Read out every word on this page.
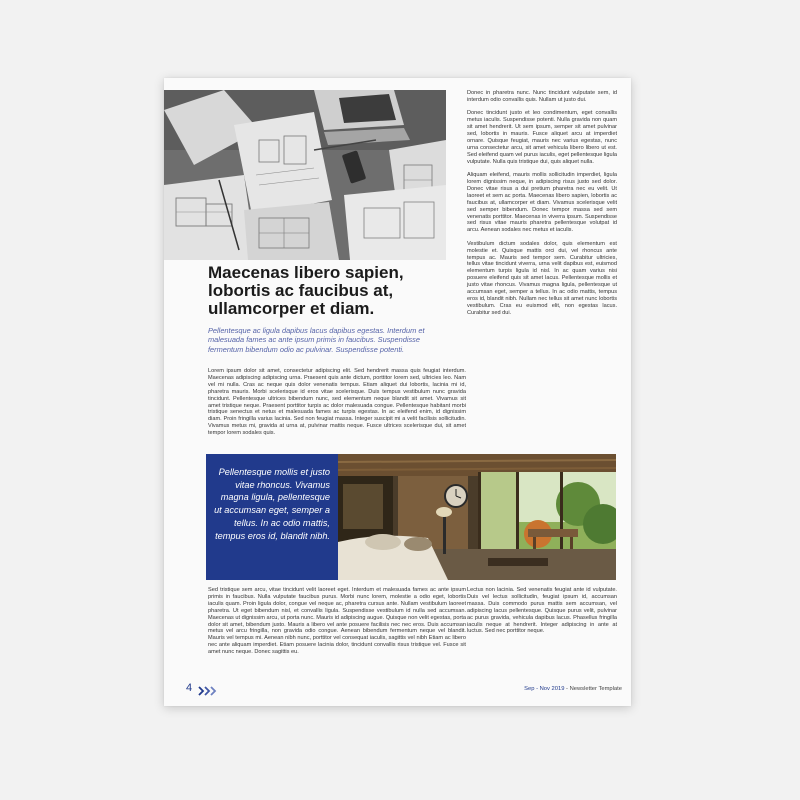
Maecenas libero sapien, lobortis ac faucibus at, ullamcorper et diam.

Pellentesque ac ligula dapibus lacus dapibus egestas. Interdum et malesuada fames ac ante ipsum primis in faucibus. Suspendisse fermentum bibendum odio ac pulvinar. Suspendisse potenti.

Lorem ipsum dolor sit amet, consectetur adipiscing elit. Sed hendrerit massa quis feugiat interdum. Maecenas adipiscing adipiscing urna. Praesent quis ante dictum, porttitor lorem sed, ultricies leo. Nam vel mi nulla. Cras ac neque quis dolor venenatis tempus. Etiam aliquet dui lobortis, lacinia mi id, pharetra mauris. Morbi scelerisque id eros vitae scelerisque. Duis tempus vestibulum nunc gravida tincidunt. Pellentesque ultrices bibendum nunc, sed elementum neque blandit sit amet. Vivamus sit amet tristique neque. Praesent porttitor turpis ac dolor malesuada congue. Pellentesque habitant morbi tristique senectus et netus et malesuada fames ac turpis egestas. In ac eleifend enim, id dignissim diam. Proin fringilla varius lacinia. Sed non feugiat massa. Integer suscipit mi a velit facilisis sollicitudin. Vivamus metus mi, gravida at urna at, pulvinar mattis neque. Fusce ultrices scelerisque dui, sit amet tempor lorem sodales quis.

Donec in pharetra nunc. Nunc tincidunt vulputate sem, id interdum odio convallis quis. Nullam ut justo dui.

Donec tincidunt justo et leo condimentum, eget convallis metus iaculis. Suspendisse potenti. Nulla gravida non quam sit amet hendrerit. Ut sem ipsum, semper sit amet pulvinar sed, lobortis in mauris. Fusce aliquet arcu at imperdiet ornare. Quisque feugiat, mauris nec varius egestas, nunc urna consectetur arcu, sit amet vehicula libero libero ut est. Sed eleifend quam vel purus iaculis, eget pellentesque ligula vulputate. Nulla quis tristique dui, quis aliquet nulla.

Aliquam eleifend, mauris mollis sollicitudin imperdiet, ligula lorem dignissim neque, in adipiscing risus justo sed dolor. Donec vitae risus a dui pretium pharetra nec eu velit. Ut laoreet et sem ac porta. Maecenas libero sapien, lobortis ac faucibus at, ullamcorper et diam. Vivamus scelerisque velit sed semper bibendum. Donec tempor massa sed sem venenatis porttitor. Maecenas in viverra ipsum. Suspendisse sed risus vitae mauris pharetra pellentesque volutpat id arcu. Aenean sodales nec metus et iaculis.

Vestibulum dictum sodales dolor, quis elementum est molestie et. Quisque mattis orci dui, vel rhoncus ante tempus ac. Mauris sed tempor sem. Curabitur ultricies, tellus vitae tincidunt viverra, urna velit dapibus est, euismod elementum turpis ligula id nisl. In ac quam varius nisi posuere eleifend quis sit amet lacus. Pellentesque mollis et justo vitae rhoncus. Vivamus magna ligula, pellentesque ut accumsan eget, semper a tellus. In ac odio mattis, tempus eros id, blandit nibh. Nullam nec tellus sit amet nunc lobortis vestibulum. Cras eu euismod elit, non egestas lacus. Curabitur sed dui.

Pellentesque mollis et justo vitae rhoncus. Vivamus magna ligula, pellentesque ut accumsan eget, semper a tellus. In ac odio mattis, tempus eros id, blandit nibh.

Sed tristique sem arcu, vitae tincidunt velit laoreet eget. Interdum et malesuada fames ac ante ipsum primis in faucibus. Nulla vulputate faucibus purus. Morbi nunc lorem, molestie a odio eget, lobortis iaculis quam. Proin ligula dolor, congue vel neque ac, pharetra cursus ante. Nullam vestibulum laoreet pharetra. Ut eget bibendum nisl, et convallis ligula. Suspendisse vestibulum id nulla sed accumsan. Maecenas ut dignissim arcu, ut porta nunc. Mauris id adipiscing augue. Quisque non velit egestas, porta dolor sit amet, bibendum justo. Mauris a libero vel ante posuere facilisis nec nec eros. Duis accumsan metus vel arcu fringilla, non gravida odio congue. Aenean bibendum fermentum neque vel blandit. Mauris vel tempus mi. Aenean nibh nunc, porttitor vel consequat iaculis, sagittis vel nibh Etiam ac libero nec ante aliquam imperdiet. Etiam posuere lacinia dolor, tincidunt convallis risus tristique vel. Fusce sit amet nunc neque. Donec sagittis eu.

Lectus non lacinia. Sed venenatis feugiat ante id vulputate. Duis vel lectus sollicitudin, feugiat ipsum id, accumsan massa. Duis commodo purus mattis sem accumsan, vel adipiscing lacus pellentesque. Quisque purus velit, pulvinar ac purus gravida, vehicula dapibus lacus. Phasellus fringilla iaculis neque at hendrerit. Integer adipiscing in ante at luctus. Sed nec porttitor neque.

4	Sep - Nov 2019 - Newsletter Template
